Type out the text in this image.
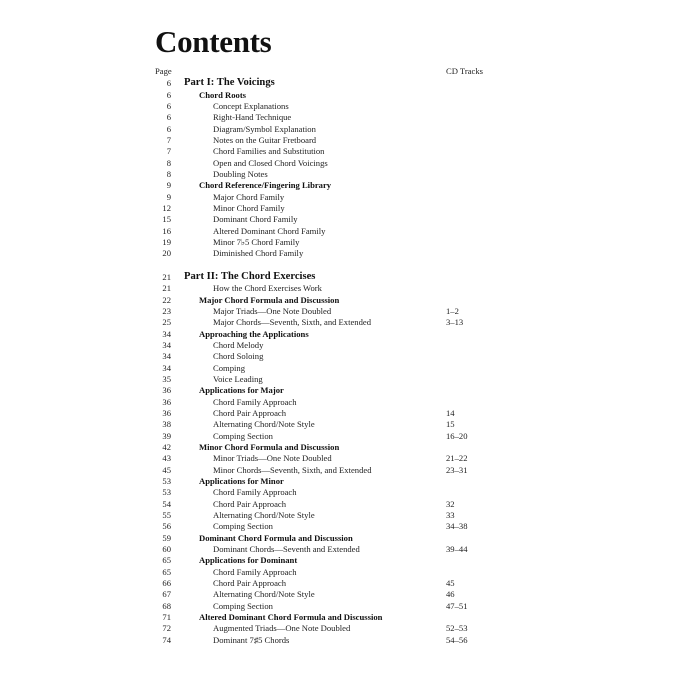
Contents
Page	CD Tracks
6 Part I: The Voicings
6	Chord Roots
6	Concept Explanations
6	Right-Hand Technique
6	Diagram/Symbol Explanation
7	Notes on the Guitar Fretboard
7	Chord Families and Substitution
8	Open and Closed Chord Voicings
8	Doubling Notes
9	Chord Reference/Fingering Library
9	Major Chord Family
12	Minor Chord Family
15	Dominant Chord Family
16	Altered Dominant Chord Family
19	Minor 7♭5 Chord Family
20	Diminished Chord Family
21 Part II: The Chord Exercises
21	How the Chord Exercises Work
22	Major Chord Formula and Discussion
23	Major Triads—One Note Doubled	1–2
25	Major Chords—Seventh, Sixth, and Extended	3–13
34	Approaching the Applications
34	Chord Melody
34	Chord Soloing
34	Comping
35	Voice Leading
36	Applications for Major
36	Chord Family Approach
36	Chord Pair Approach	14
38	Alternating Chord/Note Style	15
39	Comping Section	16–20
42	Minor Chord Formula and Discussion
43	Minor Triads—One Note Doubled	21–22
45	Minor Chords—Seventh, Sixth, and Extended	23–31
53	Applications for Minor
53	Chord Family Approach
54	Chord Pair Approach	32
55	Alternating Chord/Note Style	33
56	Comping Section	34–38
59	Dominant Chord Formula and Discussion
60	Dominant Chords—Seventh and Extended	39–44
65	Applications for Dominant
65	Chord Family Approach
66	Chord Pair Approach	45
67	Alternating Chord/Note Style	46
68	Comping Section	47–51
71	Altered Dominant Chord Formula and Discussion
72	Augmented Triads—One Note Doubled	52–53
74	Dominant 7♯5 Chords	54–56
